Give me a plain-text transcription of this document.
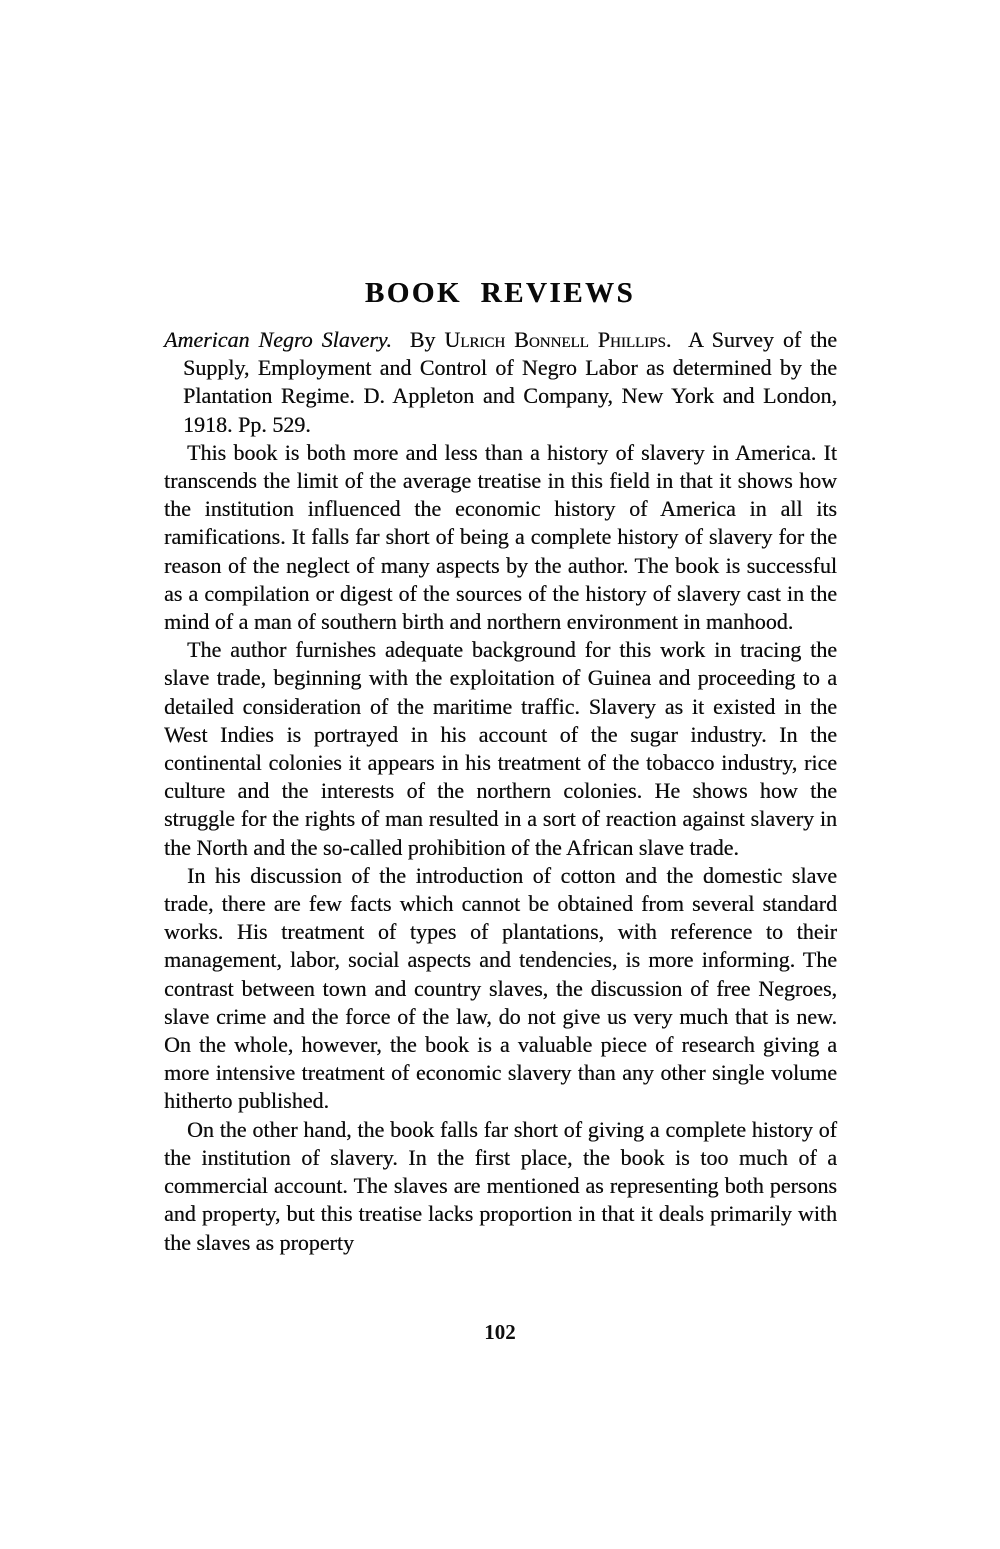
BOOK REVIEWS

American Negro Slavery. By Ulrich Bonnell Phillips. A Survey of the Supply, Employment and Control of Negro Labor as determined by the Plantation Regime. D. Appleton and Company, New York and London, 1918. Pp. 529.

This book is both more and less than a history of slavery in America. It transcends the limit of the average treatise in this field in that it shows how the institution influenced the economic history of America in all its ramifications. It falls far short of being a complete history of slavery for the reason of the neglect of many aspects by the author. The book is successful as a compilation or digest of the sources of the history of slavery cast in the mind of a man of southern birth and northern environment in manhood.

The author furnishes adequate background for this work in tracing the slave trade, beginning with the exploitation of Guinea and proceeding to a detailed consideration of the maritime traffic. Slavery as it existed in the West Indies is portrayed in his account of the sugar industry. In the continental colonies it appears in his treatment of the tobacco industry, rice culture and the interests of the northern colonies. He shows how the struggle for the rights of man resulted in a sort of reaction against slavery in the North and the so-called prohibition of the African slave trade.

In his discussion of the introduction of cotton and the domestic slave trade, there are few facts which cannot be obtained from several standard works. His treatment of types of plantations, with reference to their management, labor, social aspects and tendencies, is more informing. The contrast between town and country slaves, the discussion of free Negroes, slave crime and the force of the law, do not give us very much that is new. On the whole, however, the book is a valuable piece of research giving a more intensive treatment of economic slavery than any other single volume hitherto published.

On the other hand, the book falls far short of giving a complete history of the institution of slavery. In the first place, the book is too much of a commercial account. The slaves are mentioned as representing both persons and property, but this treatise lacks proportion in that it deals primarily with the slaves as property

102
